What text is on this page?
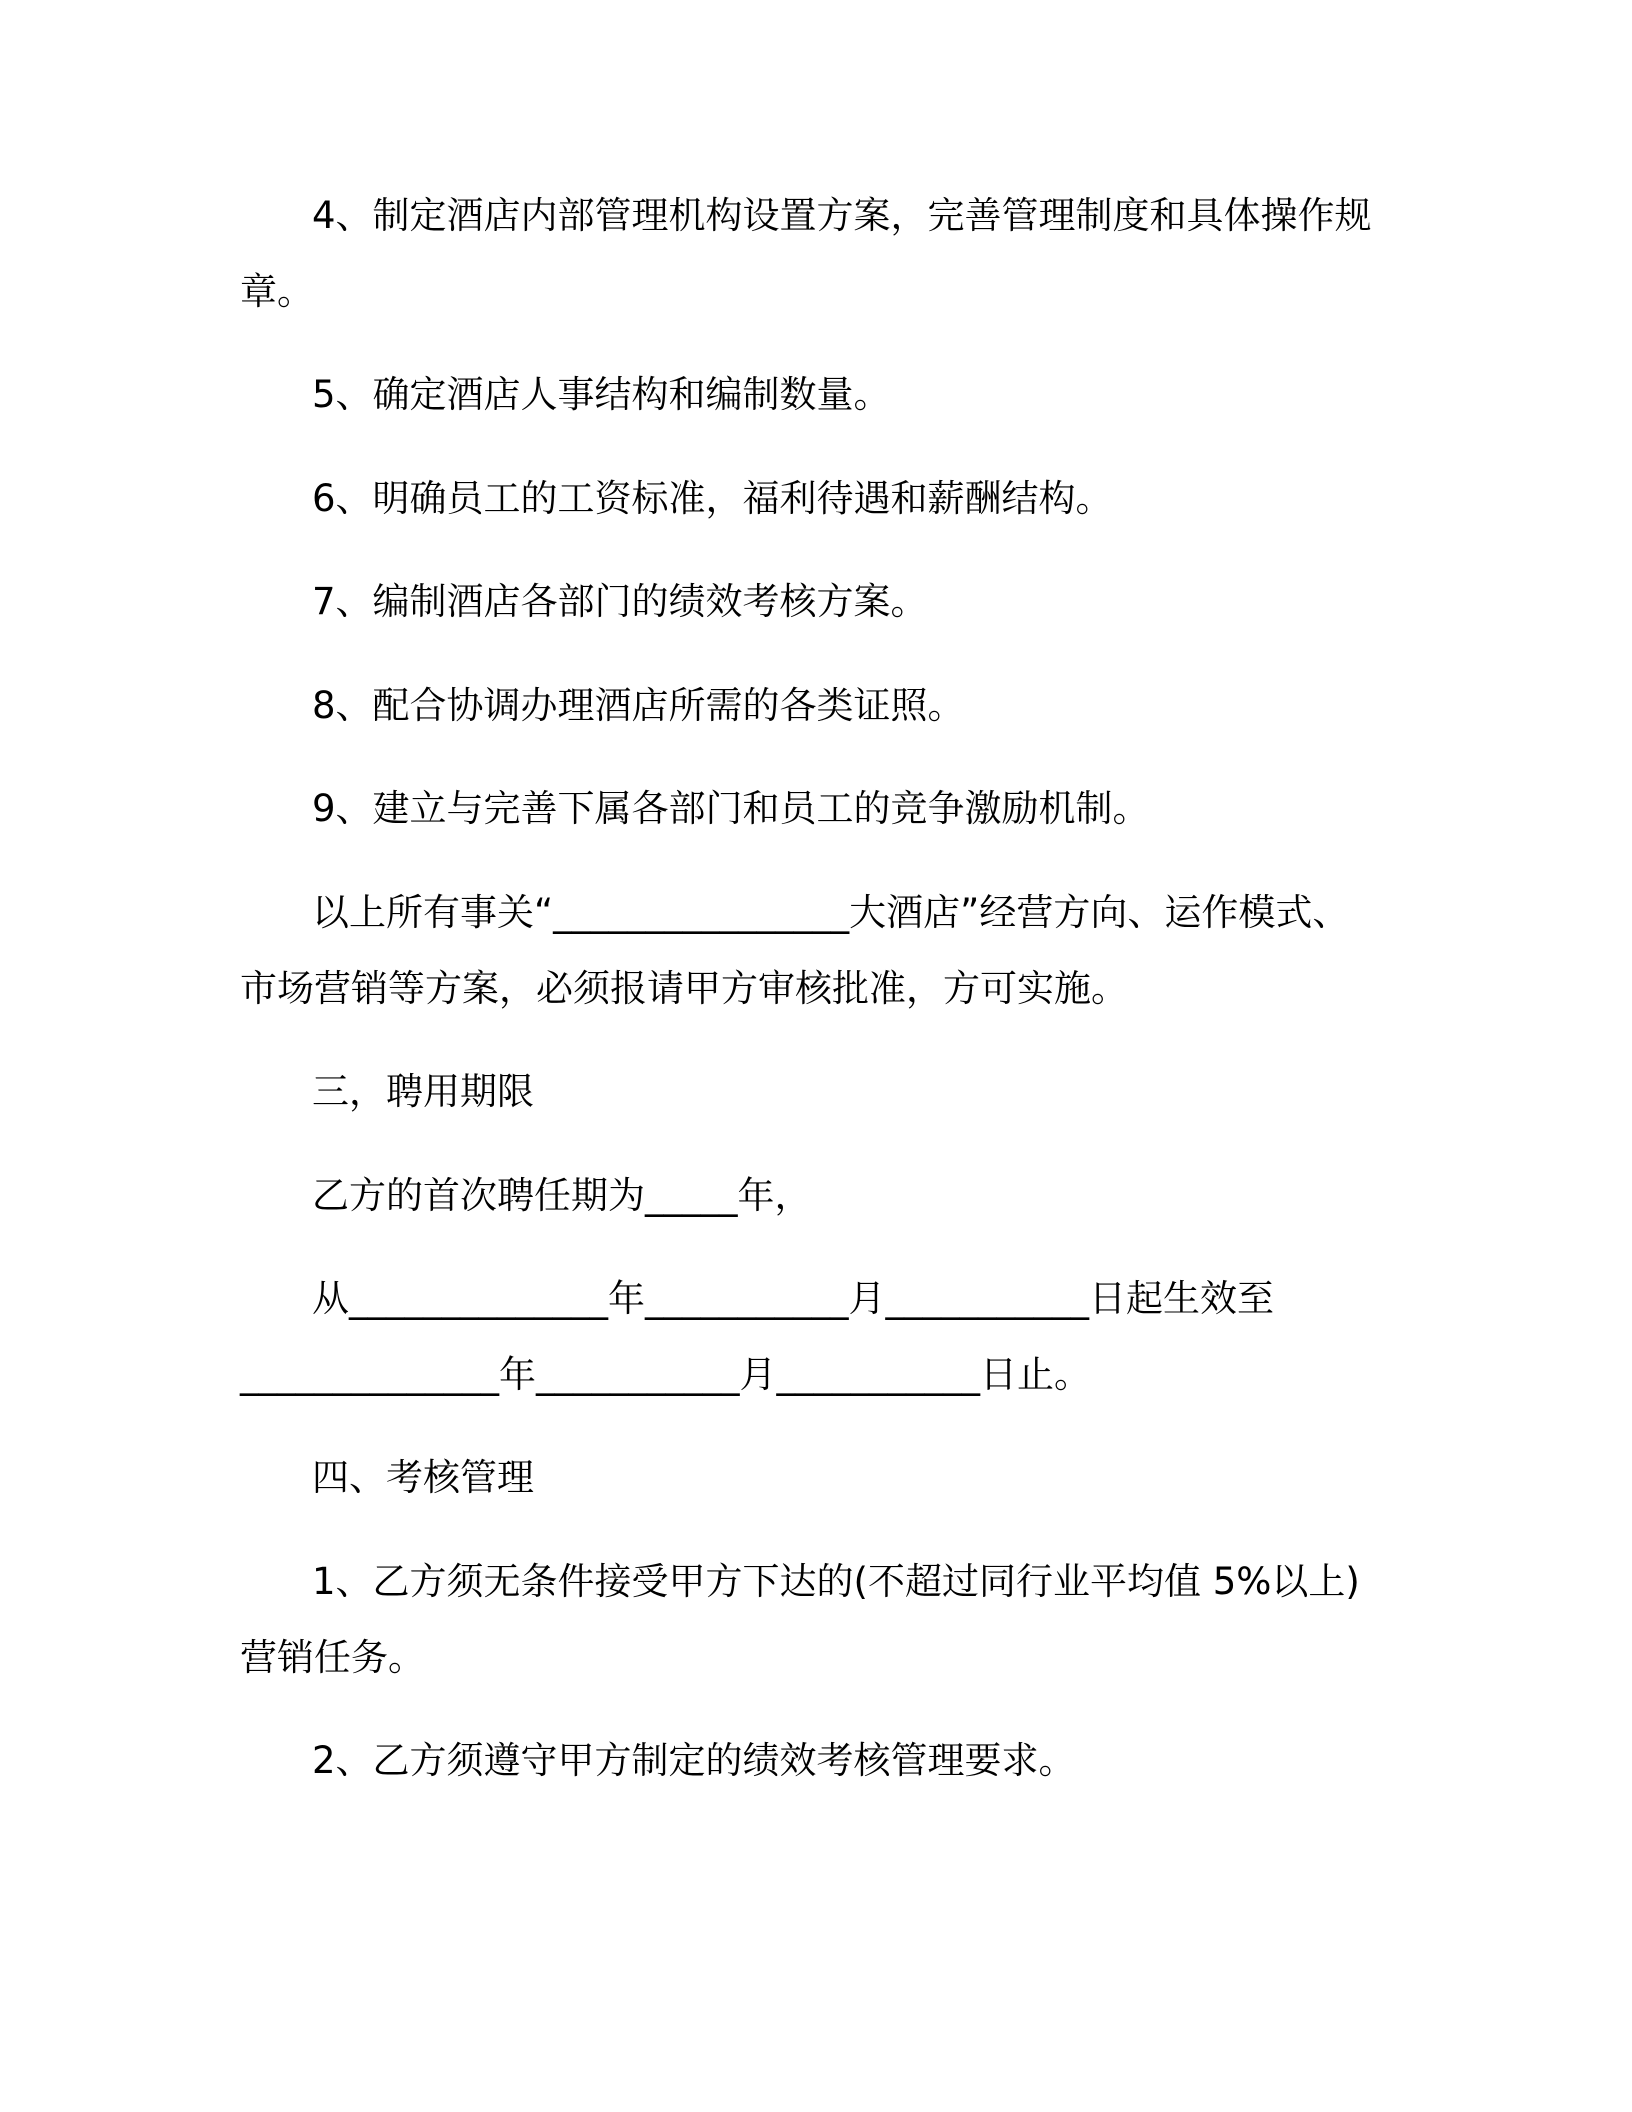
4、制定酒店内部管理机构设置方案，完善管理制度和具体操作规
章。
5、确定酒店人事结构和编制数量。
6、明确员工的工资标准，福利待遇和薪酬结构。
7、编制酒店各部门的绩效考核方案。
8、配合协调办理酒店所需的各类证照。
9、建立与完善下属各部门和员工的竞争激励机制。
以上所有事关“________________大酒店”经营方向、运作模式、
市场营销等方案，必须报请甲方审核批准，方可实施。
三，聘用期限
乙方的首次聘任期为_____年，
从______________年___________月___________日起生效至
______________年___________月___________日止。
四、考核管理
1、乙方须无条件接受甲方下达的(不超过同行业平均值 5%以上)
营销任务。
2、乙方须遵守甲方制定的绩效考核管理要求。
